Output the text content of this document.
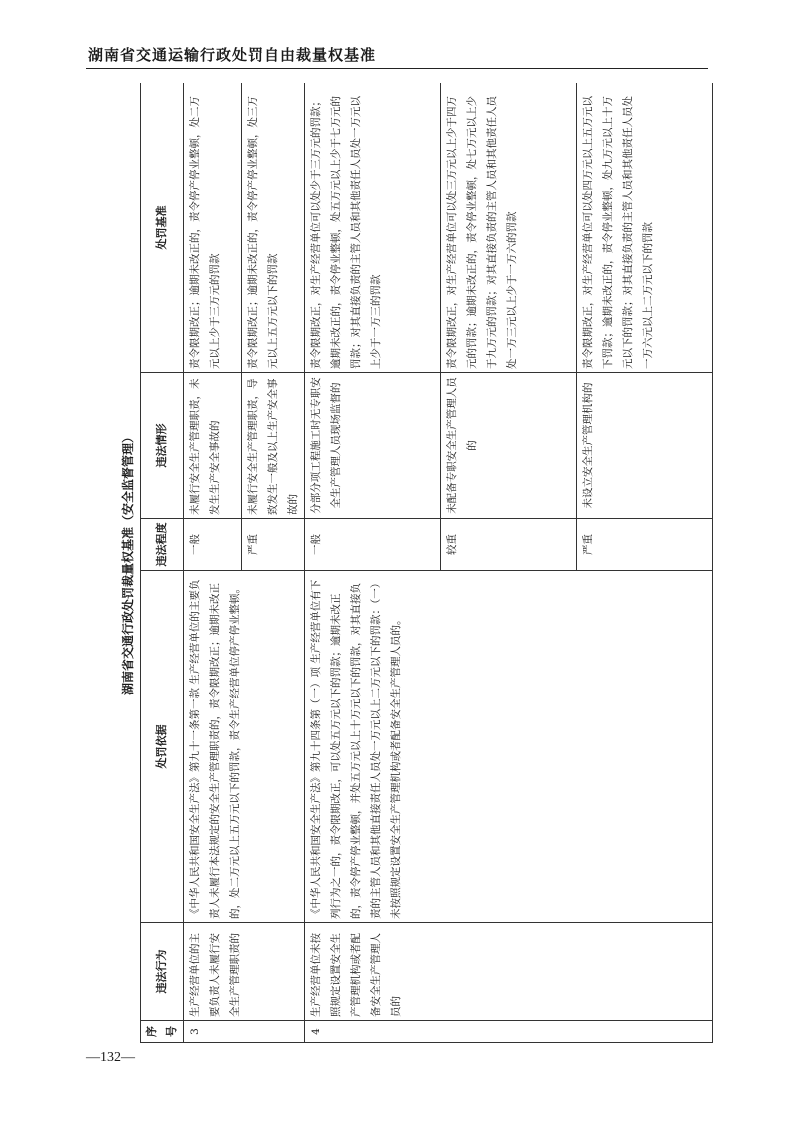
湖南省交通运输行政处罚自由裁量权基准
湖南省交通行政处罚裁量权基准（安全监督管理）
序号	违法行为	处罚依据	违法程度	违法情形	处罚基准
3	生产经营单位的主要负责人未履行安全生产管理职责的	《中华人民共和国安全生产法》第九十一条第一款 生产经营单位的主要负责人未履行本法规定的安全生产管理职责的，责令限期改正；逾期未改正的，处二万元以上五万元以下的罚款，责令生产经营单位停产停业整顿。	一般	未履行安全生产管理职责，未发生生产安全事故的	责令限期改正；逾期未改正的，责令停产停业整顿，处二万元以上少于三万元的罚款
			严重	未履行安全生产管理职责，导致发生一般及以上生产安全事故的	责令限期改正；逾期未改正的，责令停产停业整顿，处三万元以上五万元以下的罚款
4	生产经营单位未按照规定设置安全生产管理机构或者配备安全生产管理人员的	《中华人民共和国安全生产法》第九十四条第（一）项 生产经营单位有下列行为之一的，责令限期改正，可以处五万元以下的罚款；逾期未改正的，责令停产停业整顿，并处五万元以上十万元以下的罚款，对其直接负责的主管人员和其他直接责任人员处一万元以上二万元以下的罚款：（一）未按照规定设置安全生产管理机构或者配备安全生产管理人员的。	一般	分部分项工程施工时无专职安全生产管理人员现场监督的	责令限期改正，对生产经营单位可以处少于三万元的罚款；逾期未改正的，责令停业整顿，处五万元以上少于七万元的罚款；对其直接负责的主管人员和其他责任人员处一万元以上少于一万三的罚款
			较重	未配备专职安全生产管理人员的	责令限期改正，对生产经营单位可以处三万元以上少于四万元的罚款；逾期未改正的，责令停业整顿，处七万元以上少于九万元的罚款；对其直接负责的主管人员和其他责任人员处一万三元以上少于一万六的罚款
			严重	未设立安全生产管理机构的	责令限期改正，对生产经营单位可以处四万元以上五万元以下罚款；逾期未改正的，责令停业整顿，处九万元以上十万元以下的罚款；对其直接负责的主管人员和其他责任人员处一万六元以上二万元以下的罚款
—132—
